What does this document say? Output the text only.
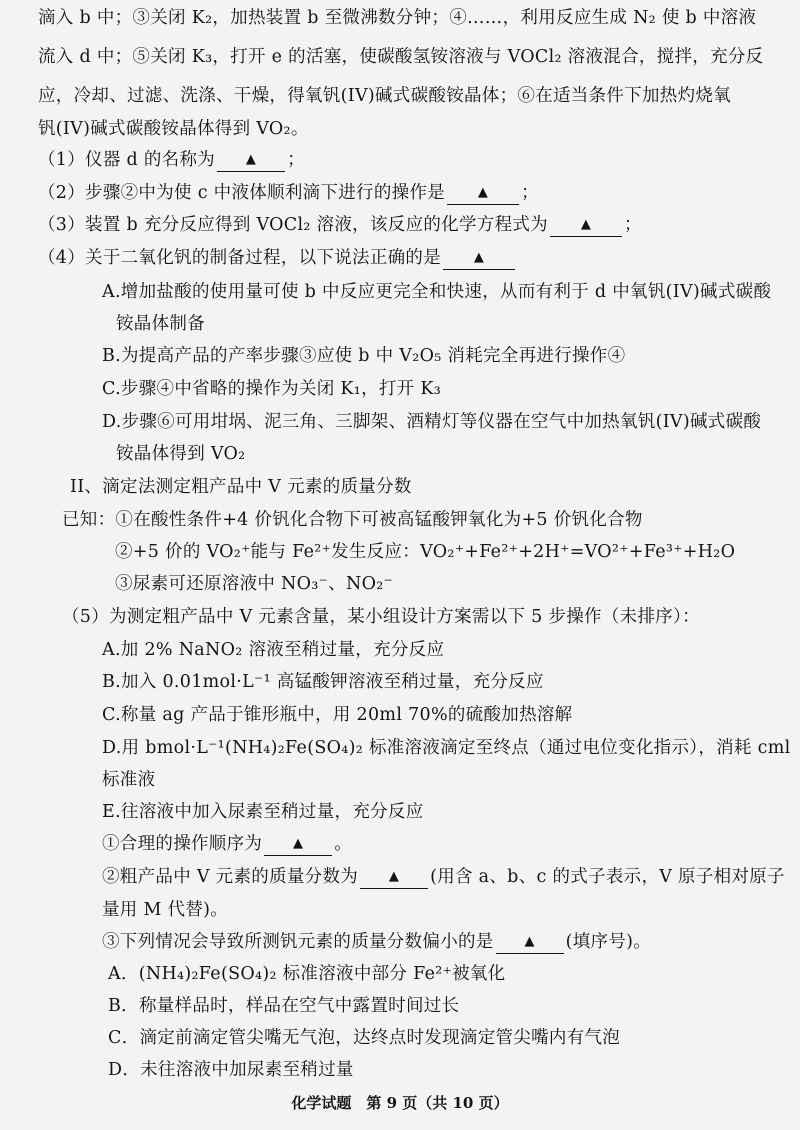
滴入 b 中；③关闭 K₂，加热装置 b 至微沸数分钟；④……，利用反应生成 N₂ 使 b 中溶液
流入 d 中；⑤关闭 K₃，打开 e 的活塞，使碳酸氢铵溶液与 VOCl₂ 溶液混合，搅拌，充分反
应，冷却、过滤、洗涤、干燥，得氧钒(IV)碱式碳酸铵晶体；⑥在适当条件下加热灼烧氧
钒(IV)碱式碳酸铵晶体得到 VO₂。
（1）仪器 d 的名称为 ▲ ；
（2）步骤②中为使 c 中液体顺利滴下进行的操作是	▲ ；
（3）装置 b 充分反应得到 VOCl₂ 溶液，该反应的化学方程式为	▲ ；
（4）关于二氧化钒的制备过程，以下说法正确的是	▲
A.增加盐酸的使用量可使 b 中反应更完全和快速，从而有利于 d 中氧钒(IV)碱式碳酸
铵晶体制备
B.为提高产品的产率步骤③应使 b 中 V₂O₅ 消耗完全再进行操作④
C.步骤④中省略的操作为关闭 K₁，打开 K₃
D.步骤⑥可用坩埚、泥三角、三脚架、酒精灯等仪器在空气中加热氧钒(IV)碱式碳酸
铵晶体得到 VO₂
II、滴定法测定粗产品中 V 元素的质量分数
已知：①在酸性条件+4 价钒化合物下可被高锰酸钾氧化为+5 价钒化合物
②+5 价的 VO₂⁺能与 Fe²⁺发生反应：VO₂⁺+Fe²⁺+2H⁺=VO²⁺+Fe³⁺+H₂O
③尿素可还原溶液中 NO₃⁻、NO₂⁻
（5）为测定粗产品中 V 元素含量，某小组设计方案需以下 5 步操作（未排序）：
A.加 2% NaNO₂ 溶液至稍过量，充分反应
B.加入 0.01mol·L⁻¹ 高锰酸钾溶液至稍过量，充分反应
C.称量 ag 产品于锥形瓶中，用 20ml 70%的硫酸加热溶解
D.用 bmol·L⁻¹(NH₄)₂Fe(SO₄)₂ 标准溶液滴定至终点（通过电位变化指示），消耗 cml
标准液
E.往溶液中加入尿素至稍过量，充分反应
①合理的操作顺序为 ▲ 。
②粗产品中 V 元素的质量分数为 ▲ (用含 a、b、c 的式子表示，V 原子相对原子
量用 M 代替)。
③下列情况会导致所测钒元素的质量分数偏小的是 ▲ (填序号)。
A．(NH₄)₂Fe(SO₄)₂ 标准溶液中部分 Fe²⁺被氧化
B．称量样品时，样品在空气中露置时间过长
C．滴定前滴定管尖嘴无气泡，达终点时发现滴定管尖嘴内有气泡
D．未往溶液中加尿素至稍过量
化学试题　第 9 页（共 10 页）
